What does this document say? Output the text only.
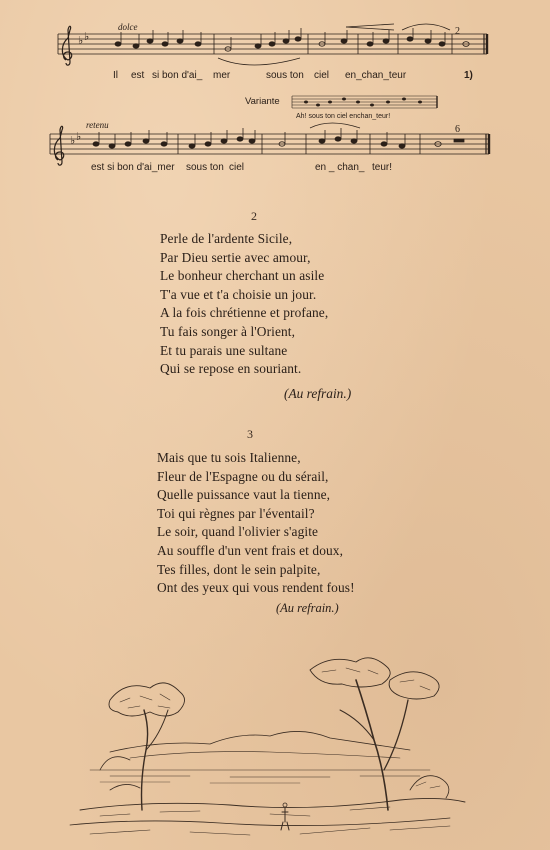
♭ ♭
dolce	2
Il est si bon d'ai_ mer	sous ton ciel en_chan_teur	1)
Variante
Ah! sous ton ciel enchan_teur!
♭ ♭
retenu	6
est si bon d'ai_mer sous ton ciel	en _ chan_ teur!
2
Perle de l'ardente Sicile,
Par Dieu sertie avec amour,
Le bonheur cherchant un asile
T'a vue et t'a choisie un jour.
A la fois chrétienne et profane,
Tu fais songer à l'Orient,
Et tu parais une sultane
Qui se repose en souriant.
(Au refrain.)
3
Mais que tu sois Italienne,
Fleur de l'Espagne ou du sérail,
Quelle puissance vaut la tienne,
Toi qui règnes par l'éventail?
Le soir, quand l'olivier s'agite
Au souffle d'un vent frais et doux,
Tes filles, dont le sein palpite,
Ont des yeux qui vous rendent fous!
(Au refrain.)
